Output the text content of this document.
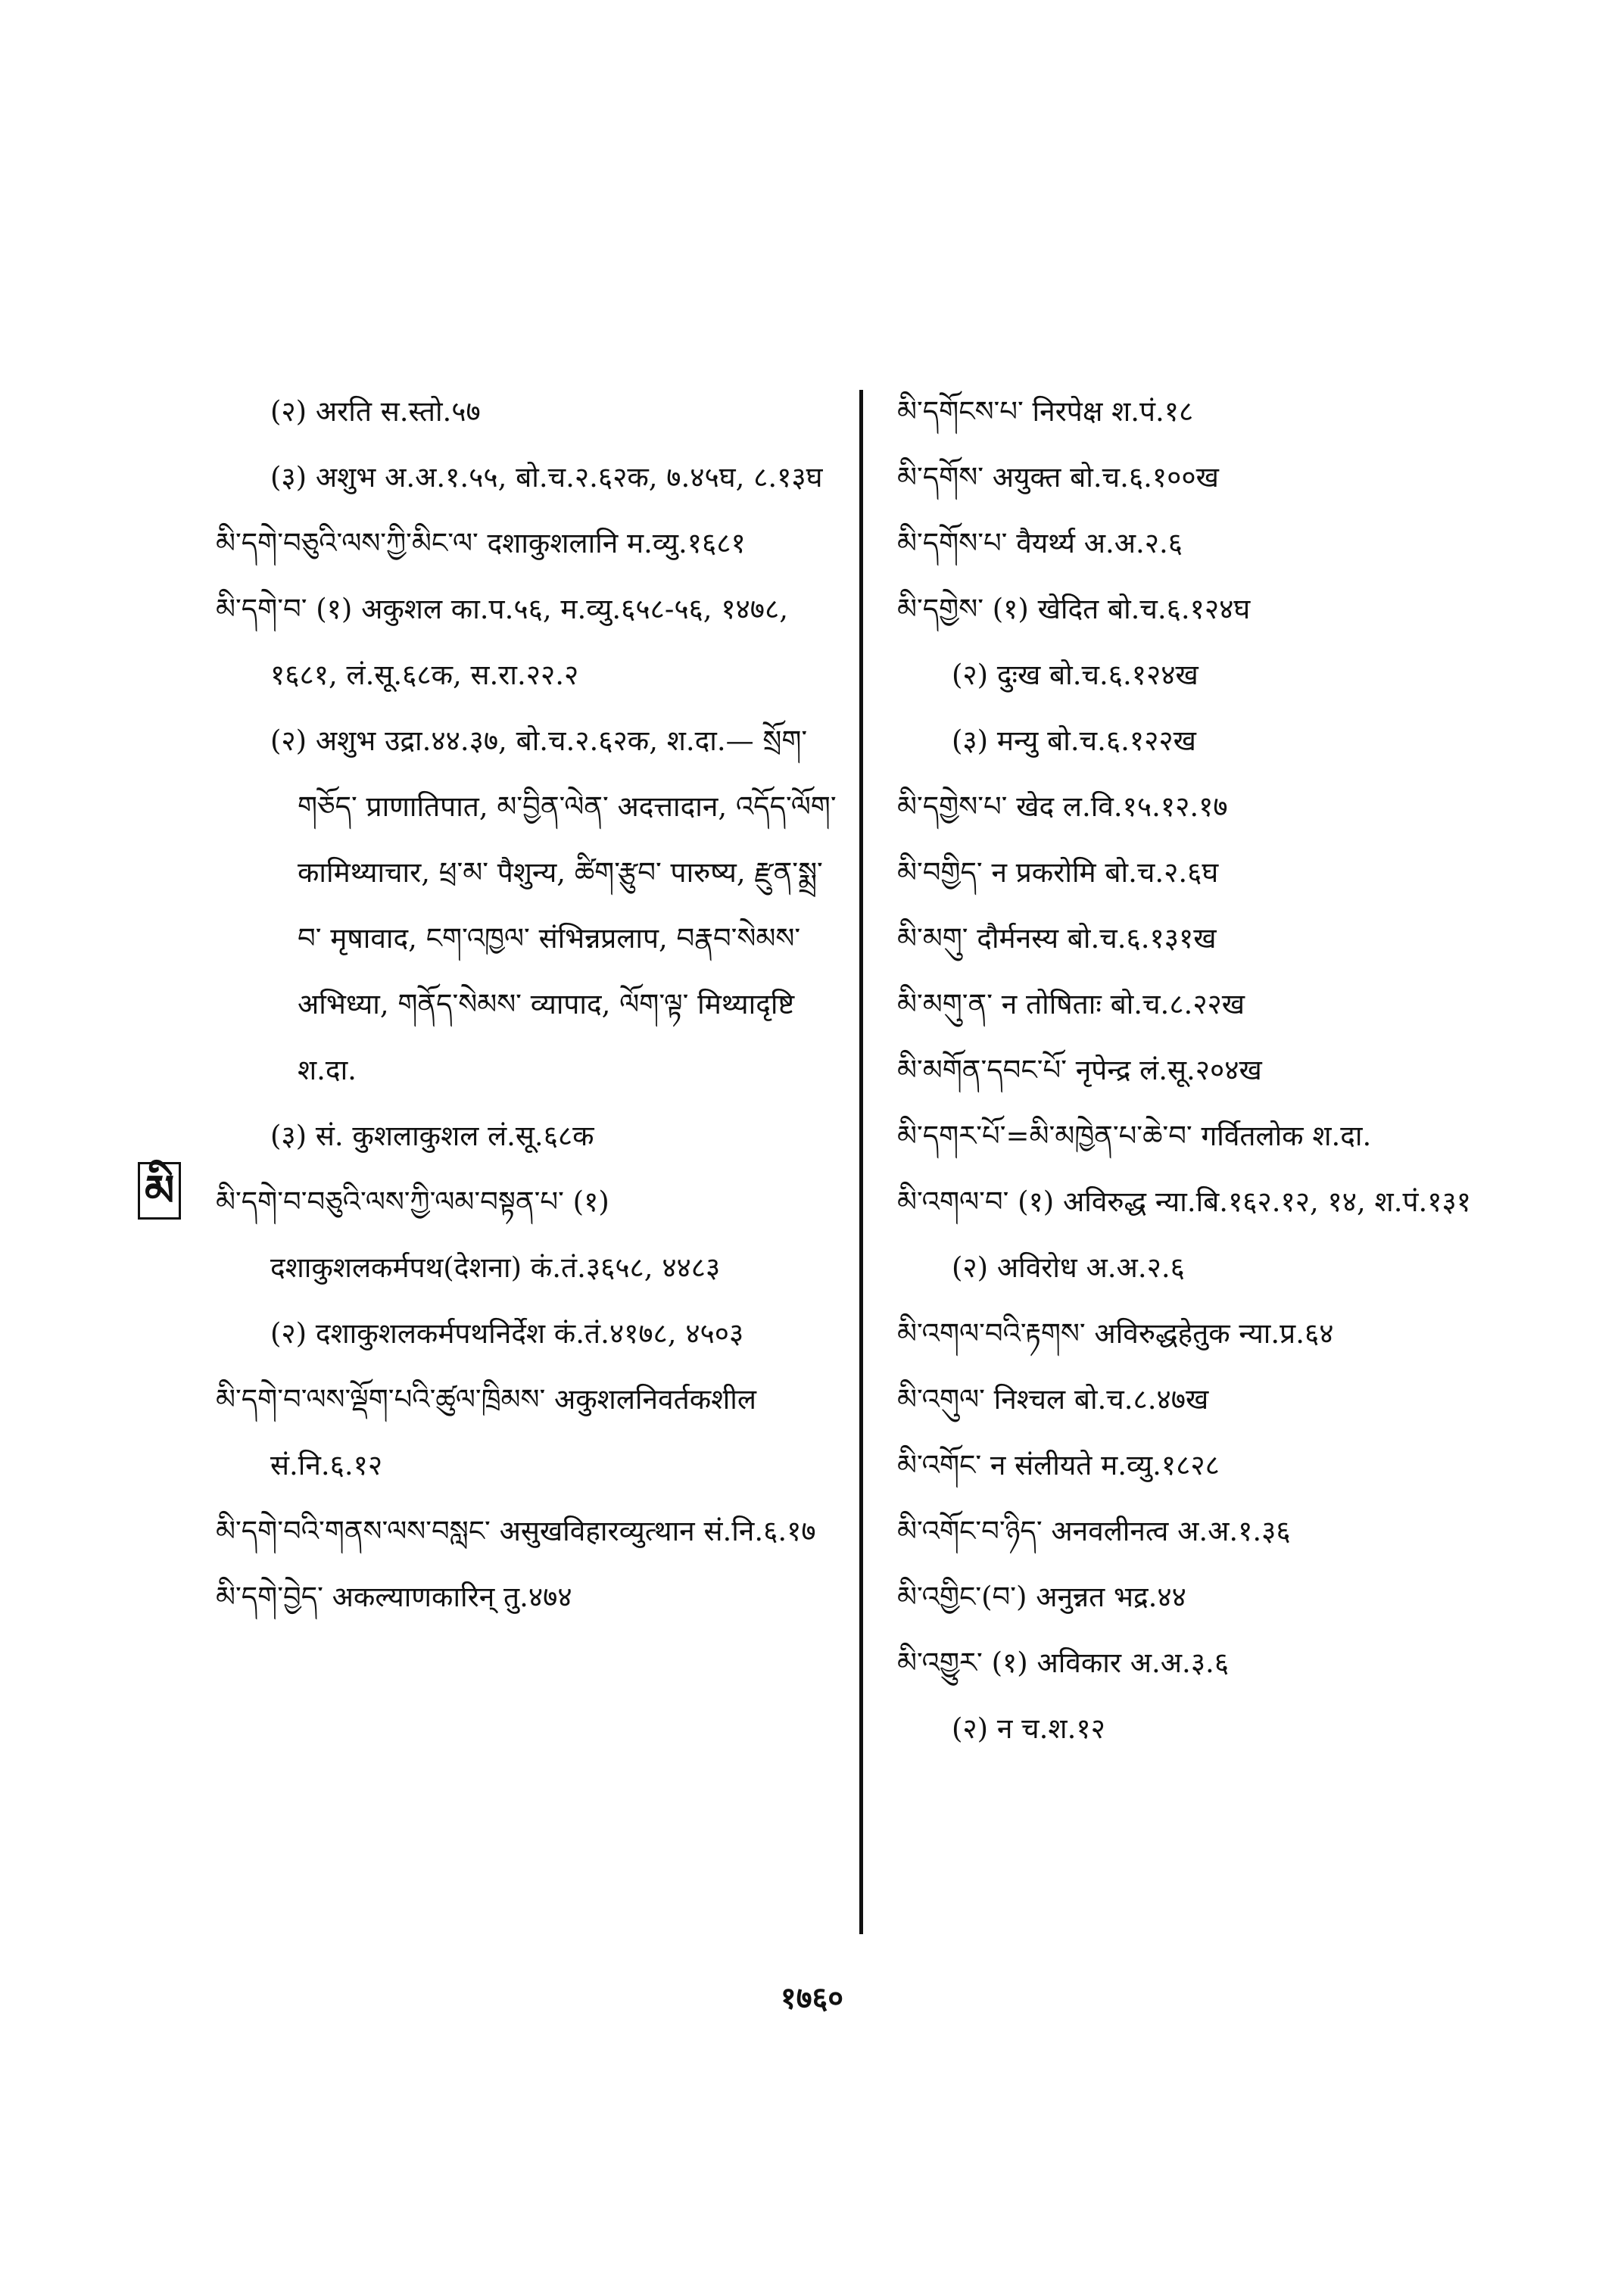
(२) अरति स.स्तो.५७

(३) अशुभ अ.अ.१.५५, बो.च.२.६२क, ७.४५घ, ८.१३घ

མི་དགེ་བཅུའི་ལས་ཀྱི་མིང་ལ་ दशाकुशलानि म.व्यु.१६८१

མི་དགེ་བ་ (१) अकुशल का.प.५६, म.व्यु.६५८-५६, १४७८, १६८१, लं.सू.६८क, स.रा.२२.२

(२) अशुभ उद्रा.४४.३७, बो.च.२.६२क, श.दा.— སྲོག་གཅོད་ प्राणातिपात, མ་བྱིན་ལེན་ अदत्तादान, འདོད་ལོག་ कामिथ्याचार, ཕྲ་མ་ पैशुन्य, ཚིག་རྩུབ་ पारुष्य, རྫུན་སྨྲ་བ་ मृषावाद, ངག་འཁྱལ་ संभिन्नप्रलाप, བརྣབ་སེམས་ अभिध्या, གནོད་སེམས་ व्यापाद, ལོག་ལྟ་ मिथ्यादृष्टि श.दा.

(३) सं. कुशलाकुशल लं.सू.६८क

མི་དགེ་བ་བཅུའི་ལས་ཀྱི་ལམ་བསྟན་པ་ (१) दशाकुशलकर्मपथ(देशना) कं.तं.३६५८, ४४८३

(२) दशाकुशलकर्मपथनिर्देश कं.तं.४१७८, ४५०३

མི་དགེ་བ་ལས་ལྡོག་པའི་ཚུལ་ཁྲིམས་ अकुशलनिवर्तकशील सं.नि.६.१२

མི་དགེ་བའི་གནས་ལས་བསླང་ असुखविहारव्युत्थान सं.नि.६.१७

མི་དགེ་བྱེད་ अकल्याणकारिन् तु.४७४

མི་དགོངས་པ་ निरपेक्ष श.पं.१८

མི་དགོས་ अयुक्त बो.च.६.१००ख

མི་དགོས་པ་ वैयर्थ्य अ.अ.२.६

མི་དགྱེས་ (१) खेदित बो.च.६.१२४घ

(२) दुःख बो.च.६.१२४ख

(३) मन्यु बो.च.६.१२२ख

མི་དགྱེས་པ་ खेद ल.वि.१५.१२.१७

མི་བགྱིད་ न प्रकरोमि बो.च.२.६घ

མི་མགུ་ दौर्मनस्य बो.च.६.१३१ख

མི་མགུ་ན་ न तोषिताः बो.च.८.२२ख

མི་མགོན་དབང་པོ་ नृपेन्द्र लं.सू.२०४ख

མི་དགར་པོ་=མི་མཁྱེན་པ་ཆེ་བ་ गर्वितलोक श.दा.

མི་འགལ་བ་ (१) अविरुद्ध न्या.बि.१६२.१२, १४, श.पं.१३१

(२) अविरोध अ.अ.२.६

མི་འགལ་བའི་རྟགས་ अविरुद्धहेतुक न्या.प्र.६४

མི་འགུལ་ निश्चल बो.च.८.४७ख

མི་འགོང་ न संलीयते म.व्यु.१८२८

མི་འགོང་བ་ཉིད་ अनवलीनत्व अ.अ.१.३६

མི་འགྱིང་(བ་) अनुन्नत भद्र.४४

མི་འགྱུར་ (१) अविकार अ.अ.३.६

(२) न च.श.१२

མི
१७६०
